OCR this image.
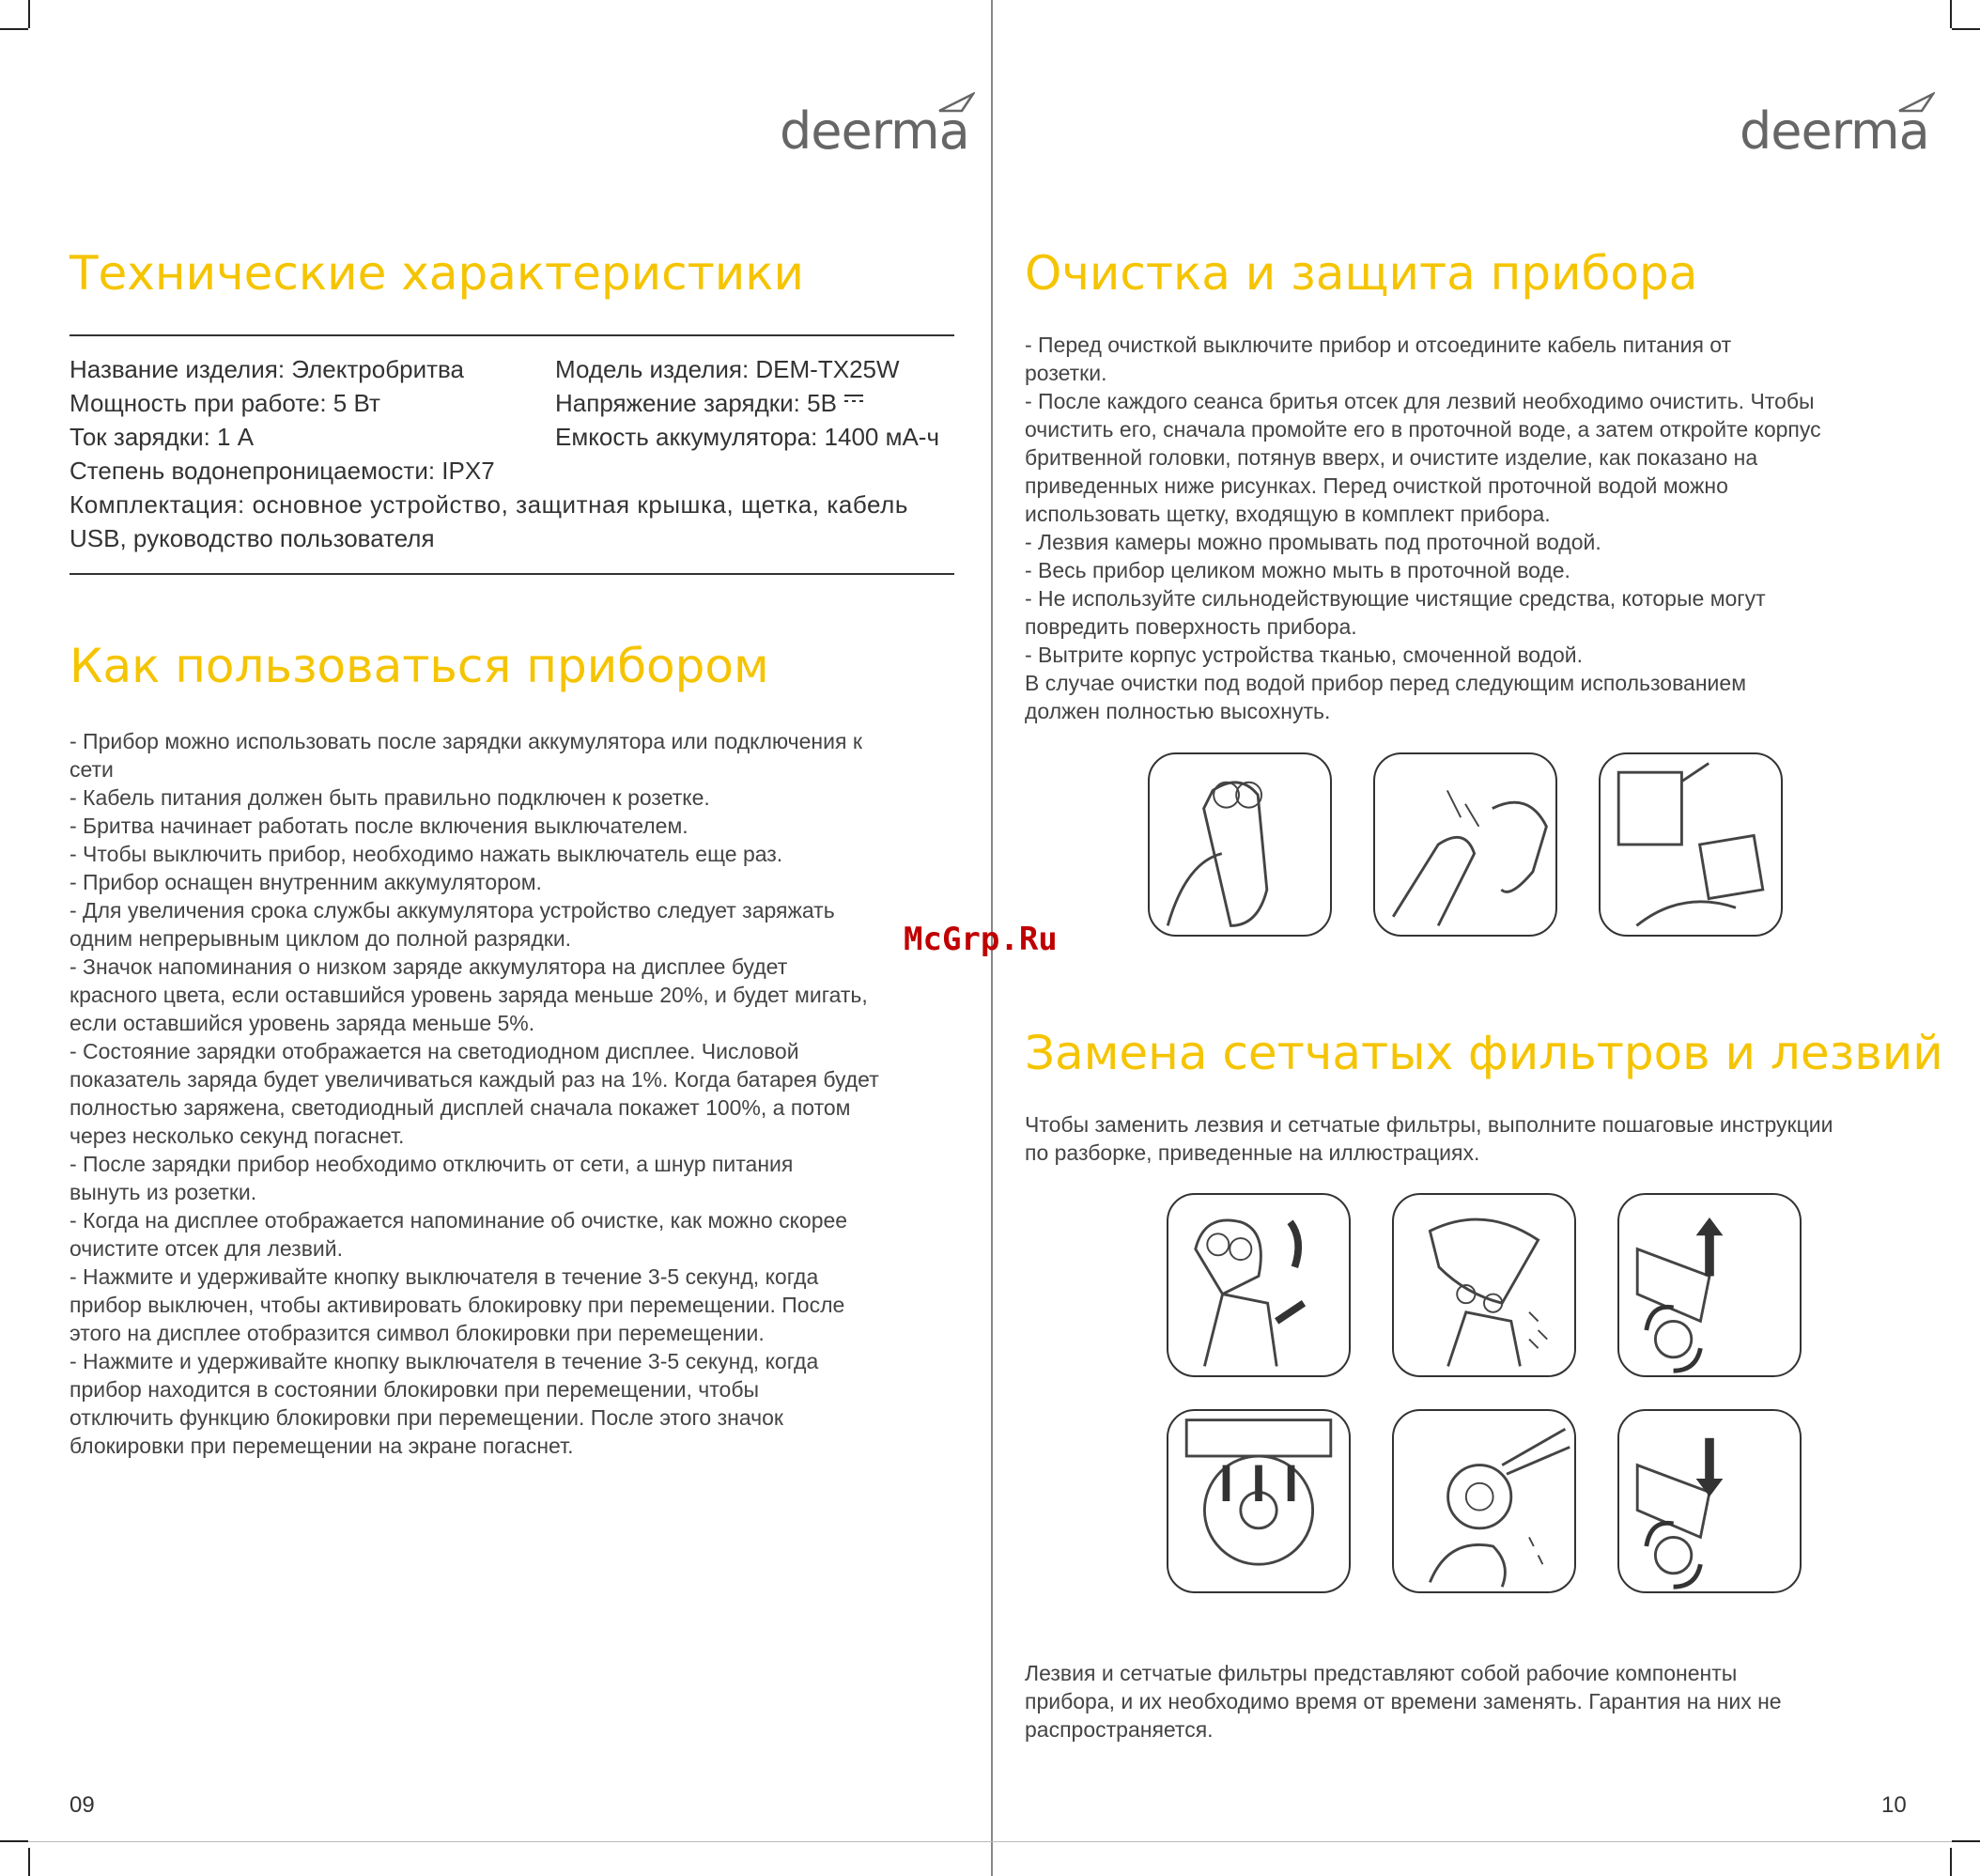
deerma
Технические характеристики
Название изделия: Электробритва	Модель изделия: DEM-TX25W
Мощность при работе: 5 Вт	Напряжение зарядки: 5В
Ток зарядки: 1 А	Емкость аккумулятора: 1400 мА-ч
Степень водонепроницаемости: IPX7
Комплектация: основное устройство, защитная крышка, щетка, кабель
USB, руководство пользователя
Как пользоваться прибором
- Прибор можно использовать после зарядки аккумулятора или подключения к
сети
- Кабель питания должен быть правильно подключен к розетке.
- Бритва начинает работать после включения выключателем.
- Чтобы выключить прибор, необходимо нажать выключатель еще раз.
- Прибор оснащен внутренним аккумулятором.
- Для увеличения срока службы аккумулятора устройство следует заряжать
одним непрерывным циклом до полной разрядки.
- Значок напоминания о низком заряде аккумулятора на дисплее будет
красного цвета, если оставшийся уровень заряда меньше 20%, и будет мигать,
если оставшийся уровень заряда меньше 5%.
- Состояние зарядки отображается на светодиодном дисплее. Числовой
показатель заряда будет увеличиваться каждый раз на 1%. Когда батарея будет
полностью заряжена, светодиодный дисплей сначала покажет 100%, а потом
через несколько секунд погаснет.
- После зарядки прибор необходимо отключить от сети, а шнур питания
вынуть из розетки.
- Когда на дисплее отображается напоминание об очистке, как можно скорее
очистите отсек для лезвий.
- Нажмите и удерживайте кнопку выключателя в течение 3-5 секунд, когда
прибор выключен, чтобы активировать блокировку при перемещении. После
этого на дисплее отобразится символ блокировки при перемещении.
- Нажмите и удерживайте кнопку выключателя в течение 3-5 секунд, когда
прибор находится в состоянии блокировки при перемещении, чтобы
отключить функцию блокировки при перемещении. После этого значок
блокировки при перемещении на экране погаснет.
09
deerma
Очистка и защита прибора
- Перед очисткой выключите прибор и отсоедините кабель питания от
розетки.
- После каждого сеанса бритья отсек для лезвий необходимо очистить. Чтобы
очистить его, сначала промойте его в проточной воде, а затем откройте корпус
бритвенной головки, потянув вверх, и очистите изделие, как показано на
приведенных ниже рисунках. Перед очисткой проточной водой можно
использовать щетку, входящую в комплект прибора.
- Лезвия камеры можно промывать под проточной водой.
- Весь прибор целиком можно мыть в проточной воде.
- Не используйте сильнодействующие чистящие средства, которые могут
повредить поверхность прибора.
- Вытрите корпус устройства тканью, смоченной водой.
В случае очистки под водой прибор перед следующим использованием
должен полностью высохнуть.
Замена сетчатых фильтров и лезвий
Чтобы заменить лезвия и сетчатые фильтры, выполните пошаговые инструкции
по разборке, приведенные на иллюстрациях.
Лезвия и сетчатые фильтры представляют собой рабочие компоненты
прибора, и их необходимо время от времени заменять. Гарантия на них не
распространяется.
10
McGrp.Ru
